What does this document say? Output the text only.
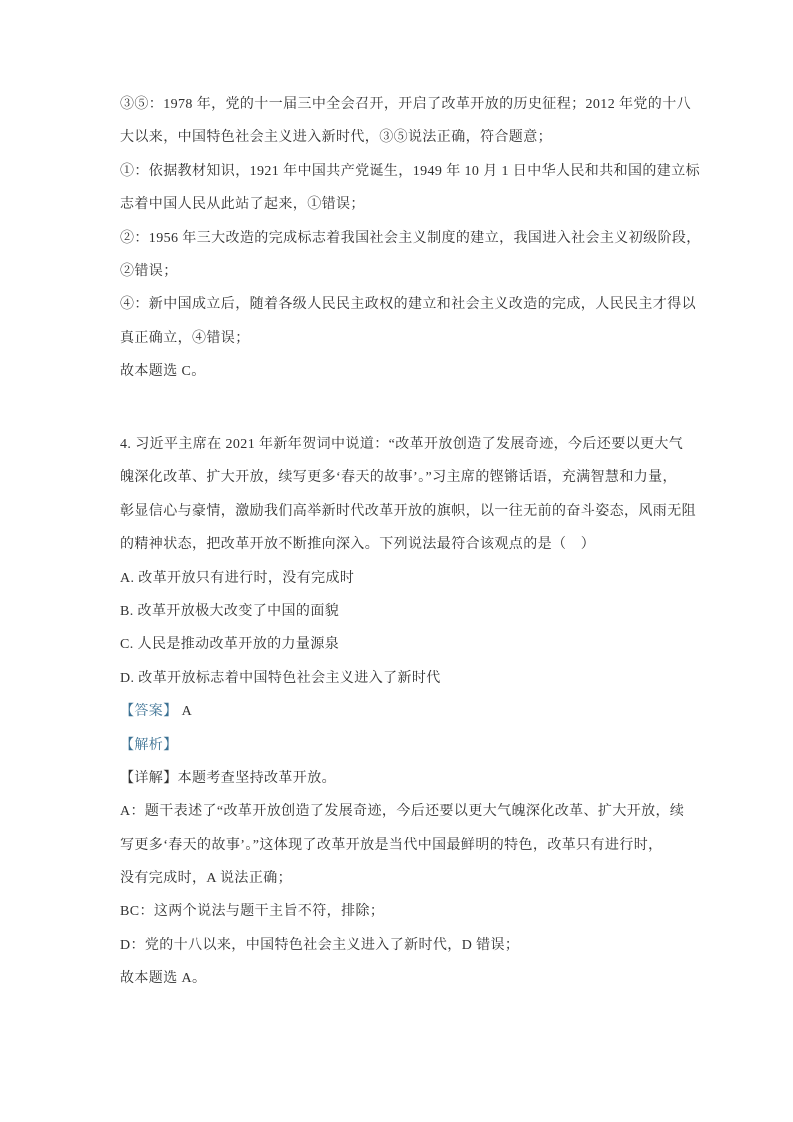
③⑤：1978 年，党的十一届三中全会召开，开启了改革开放的历史征程；2012 年党的十八
大以来，中国特色社会主义进入新时代，③⑤说法正确，符合题意；
①：依据教材知识，1921 年中国共产党诞生，1949 年 10 月 1 日中华人民和共和国的建立标
志着中国人民从此站了起来，①错误；
②：1956 年三大改造的完成标志着我国社会主义制度的建立，我国进入社会主义初级阶段，
②错误；
④：新中国成立后，随着各级人民民主政权的建立和社会主义改造的完成，人民民主才得以
真正确立，④错误；
故本题选 C。
4. 习近平主席在 2021 年新年贺词中说道：“改革开放创造了发展奇迹，今后还要以更大气
魄深化改革、扩大开放，续写更多‘春天的故事’。”习主席的铿锵话语，充满智慧和力量，
彰显信心与豪情，激励我们高举新时代改革开放的旗帜，以一往无前的奋斗姿态，风雨无阻
的精神状态，把改革开放不断推向深入。下列说法最符合该观点的是（　）
A. 改革开放只有进行时，没有完成时
B. 改革开放极大改变了中国的面貌
C. 人民是推动改革开放的力量源泉
D. 改革开放标志着中国特色社会主义进入了新时代
【答案】 A
【解析】
【详解】本题考查坚持改革开放。
A：题干表述了“改革开放创造了发展奇迹，今后还要以更大气魄深化改革、扩大开放，续
写更多‘春天的故事’。”这体现了改革开放是当代中国最鲜明的特色，改革只有进行时，
没有完成时，A 说法正确；
BC：这两个说法与题干主旨不符，排除；
D：党的十八以来，中国特色社会主义进入了新时代，D 错误；
故本题选 A。
